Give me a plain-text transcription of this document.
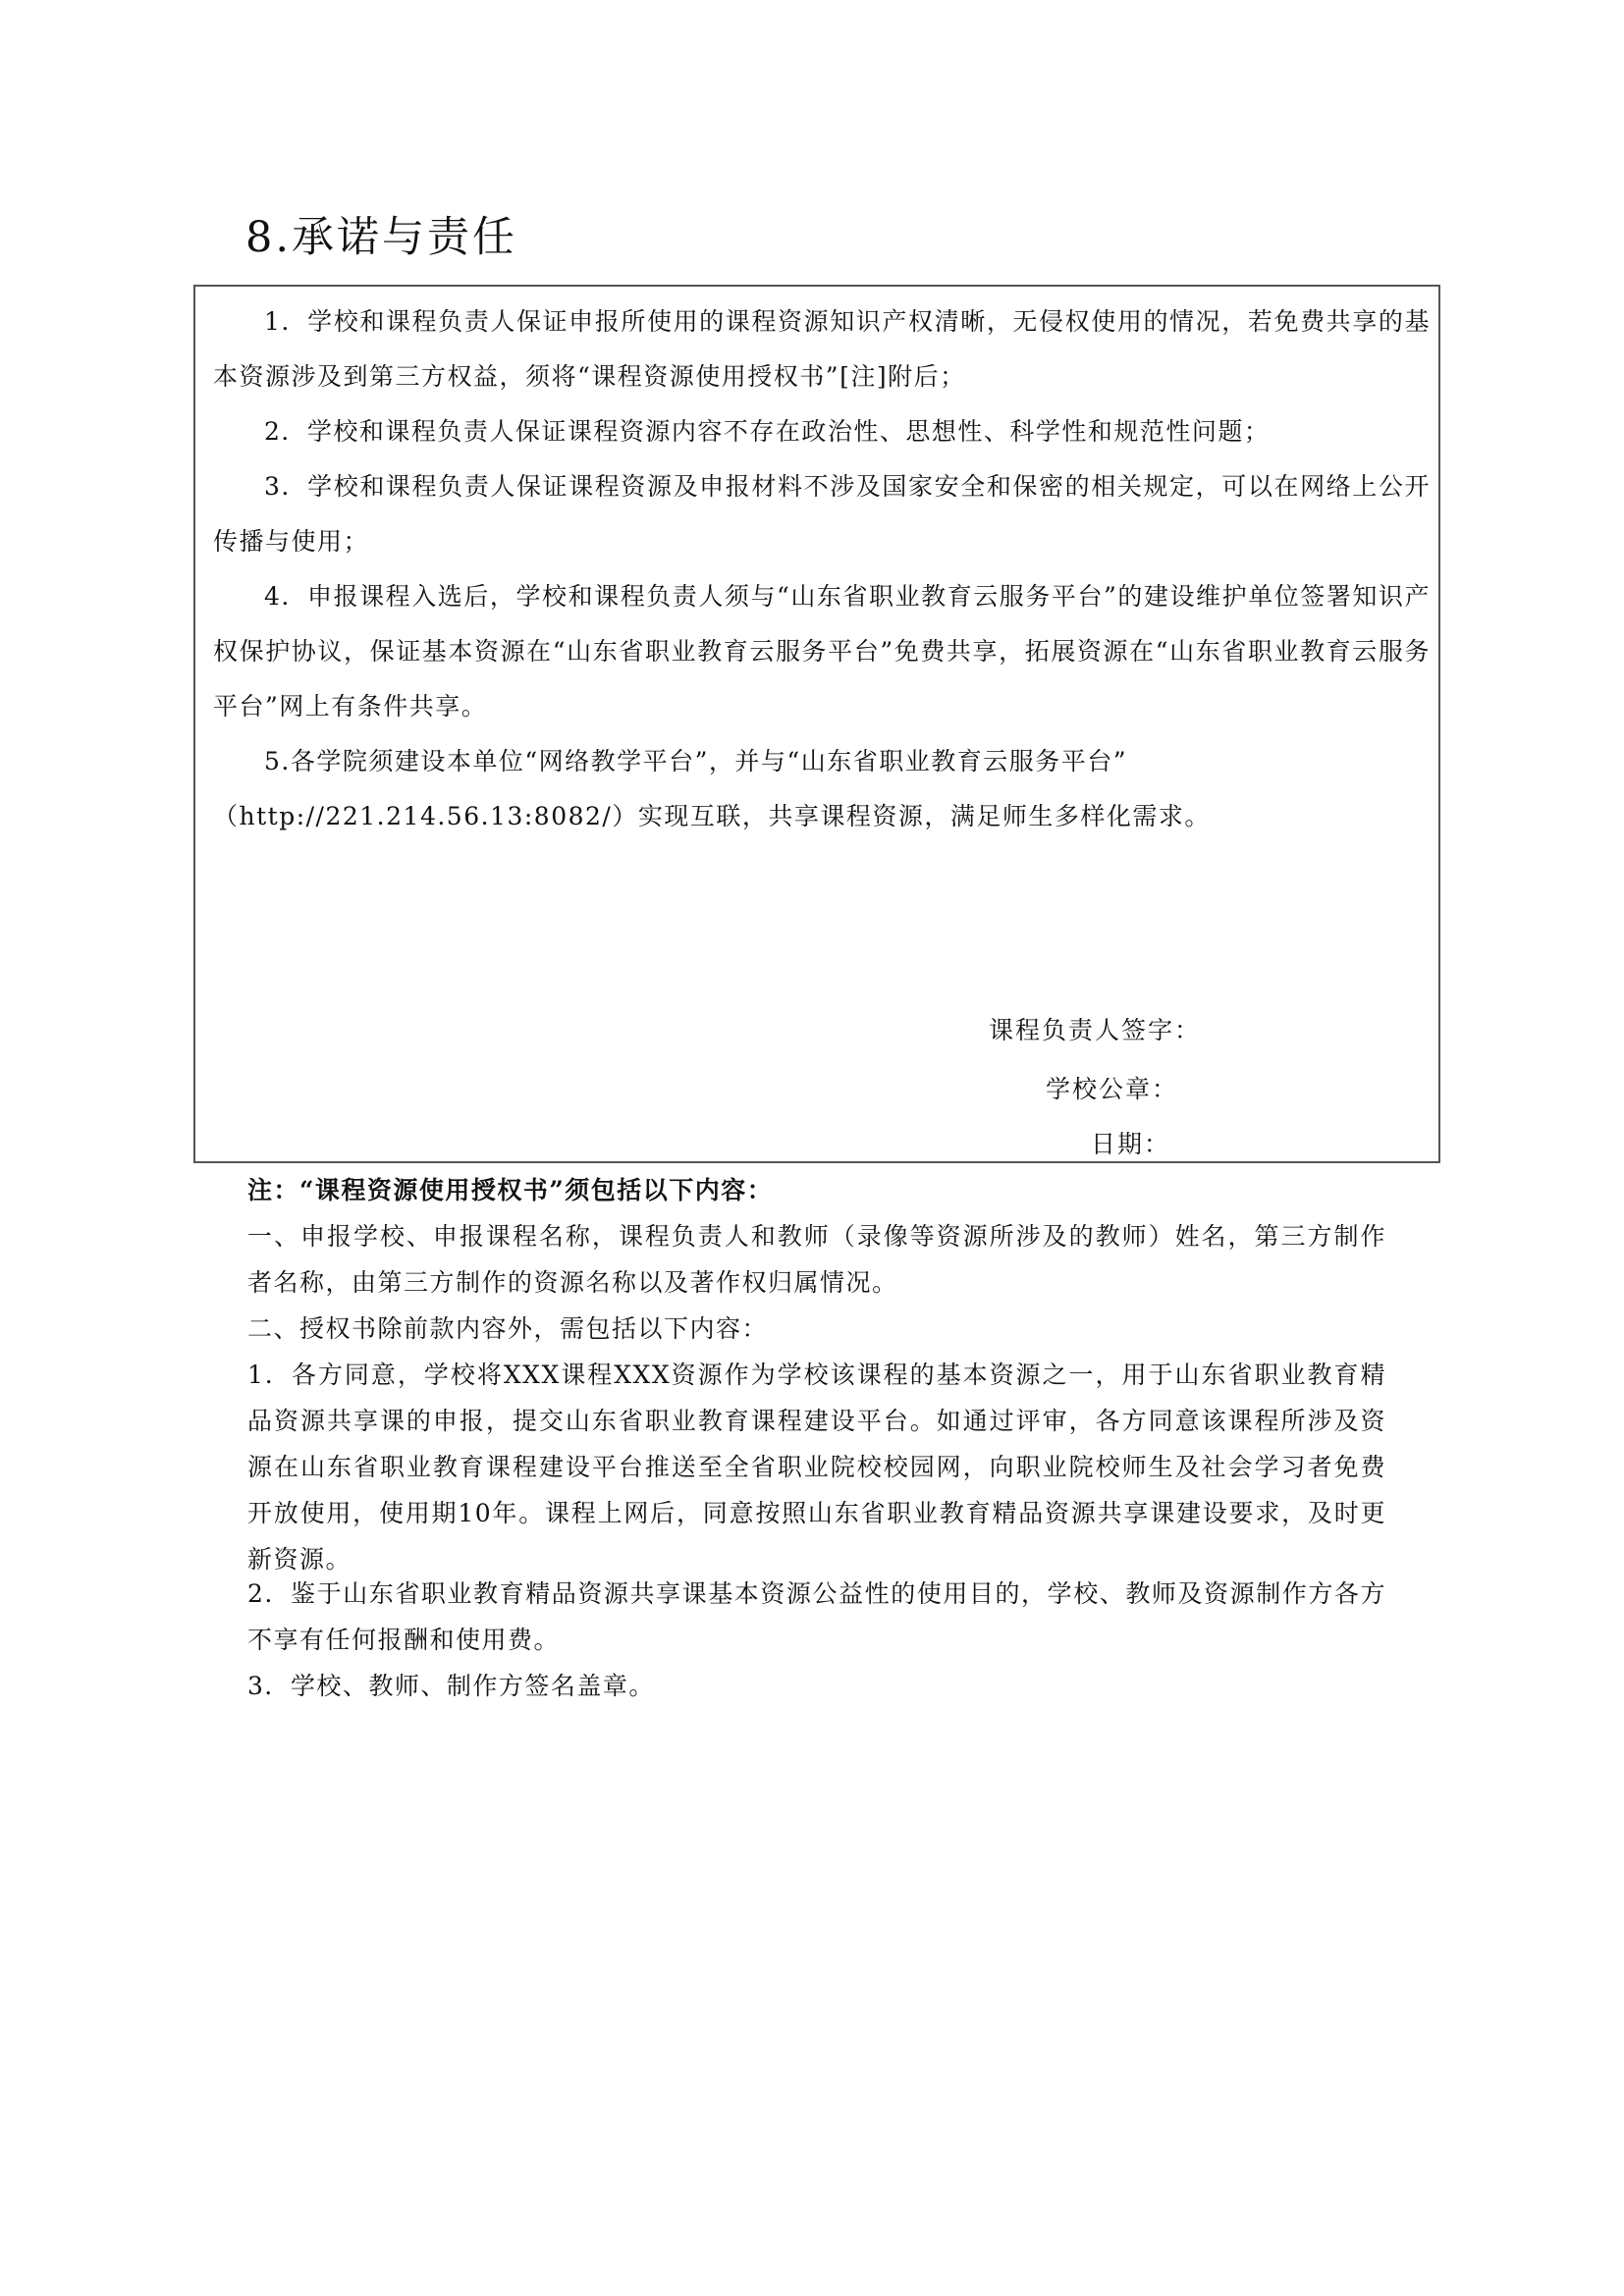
8.承诺与责任
1．学校和课程负责人保证申报所使用的课程资源知识产权清晰，无侵权使用的情况，若免费共享的基本资源涉及到第三方权益，须将“课程资源使用授权书”[注]附后；
2．学校和课程负责人保证课程资源内容不存在政治性、思想性、科学性和规范性问题；
3．学校和课程负责人保证课程资源及申报材料不涉及国家安全和保密的相关规定，可以在网络上公开传播与使用；
4．申报课程入选后，学校和课程负责人须与“山东省职业教育云服务平台”的建设维护单位签署知识产权保护协议，保证基本资源在“山东省职业教育云服务平台”免费共享，拓展资源在“山东省职业教育云服务平台”网上有条件共享。
5.各学院须建设本单位“网络教学平台”，并与“山东省职业教育云服务平台”
（http://221.214.56.13:8082/）实现互联，共享课程资源，满足师生多样化需求。
课程负责人签字：
学校公章：
日期：
注：“课程资源使用授权书”须包括以下内容：
一、申报学校、申报课程名称，课程负责人和教师（录像等资源所涉及的教师）姓名，第三方制作者名称，由第三方制作的资源名称以及著作权归属情况。
二、授权书除前款内容外，需包括以下内容：
1．各方同意，学校将XXX课程XXX资源作为学校该课程的基本资源之一，用于山东省职业教育精品资源共享课的申报，提交山东省职业教育课程建设平台。如通过评审，各方同意该课程所涉及资源在山东省职业教育课程建设平台推送至全省职业院校校园网，向职业院校师生及社会学习者免费开放使用，使用期10年。课程上网后，同意按照山东省职业教育精品资源共享课建设要求，及时更新资源。
2．鉴于山东省职业教育精品资源共享课基本资源公益性的使用目的，学校、教师及资源制作方各方不享有任何报酬和使用费。
3．学校、教师、制作方签名盖章。
